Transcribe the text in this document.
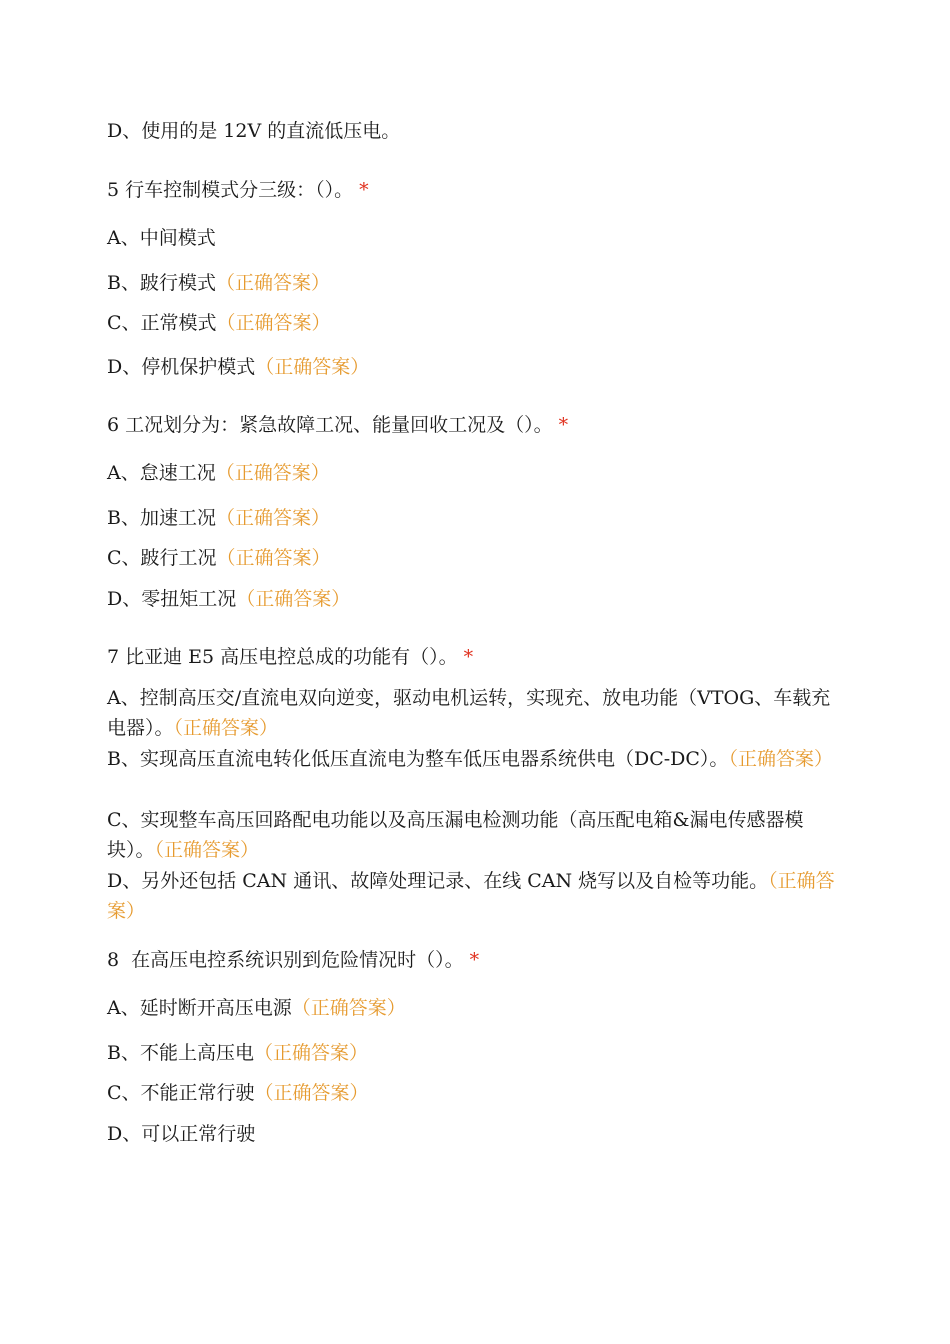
D、使用的是 12V 的直流低压电。
5 行车控制模式分三级：（）。 *
A、中间模式
B、跛行模式（正确答案）
C、正常模式（正确答案）
D、停机保护模式（正确答案）
6 工况划分为：紧急故障工况、能量回收工况及（）。 *
A、怠速工况（正确答案）
B、加速工况（正确答案）
C、跛行工况（正确答案）
D、零扭矩工况（正确答案）
7 比亚迪 E5 高压电控总成的功能有（）。 *
A、控制高压交/直流电双向逆变，驱动电机运转，实现充、放电功能（VTOG、车载充电器）。（正确答案）
B、实现高压直流电转化低压直流电为整车低压电器系统供电（DC-DC）。（正确答案）
C、实现整车高压回路配电功能以及高压漏电检测功能（高压配电箱&漏电传感器模块）。（正确答案）
D、另外还包括 CAN 通讯、故障处理记录、在线 CAN 烧写以及自检等功能。（正确答案）
8  在高压电控系统识别到危险情况时（）。 *
A、延时断开高压电源（正确答案）
B、不能上高压电（正确答案）
C、不能正常行驶（正确答案）
D、可以正常行驶
